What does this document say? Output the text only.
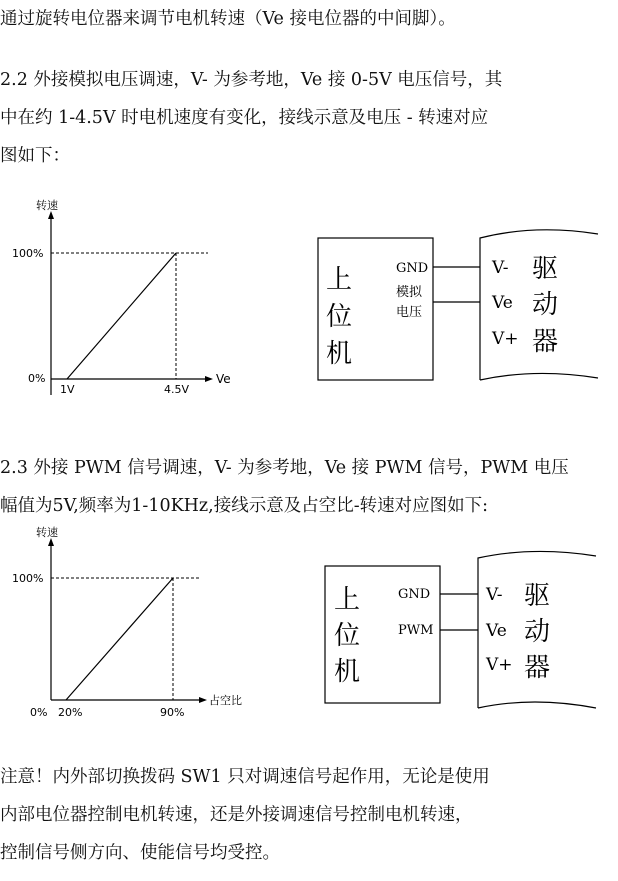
通过旋转电位器来调节电机转速（Ve 接电位器的中间脚）。
2.2 外接模拟电压调速，V- 为参考地，Ve 接 0-5V 电压信号，其
中在约 1-4.5V 时电机速度有变化，接线示意及电压 - 转速对应
图如下：
转速
100%
0%
1V	4.5V
Ve
上
位
机
GND
模拟
电压
V-
Ve
V+
驱
动
器
2.3 外接 PWM 信号调速，V- 为参考地，Ve 接 PWM 信号，PWM 电压
幅值为5V,频率为1-10KHz,接线示意及占空比-转速对应图如下:
转速
100%
0% 20%	90%
占空比
上
位
机
GND
PWM
V-
Ve
V+
驱
动
器
注意！内外部切换拨码 SW1 只对调速信号起作用，无论是使用
内部电位器控制电机转速，还是外接调速信号控制电机转速，
控制信号侧方向、使能信号均受控。
